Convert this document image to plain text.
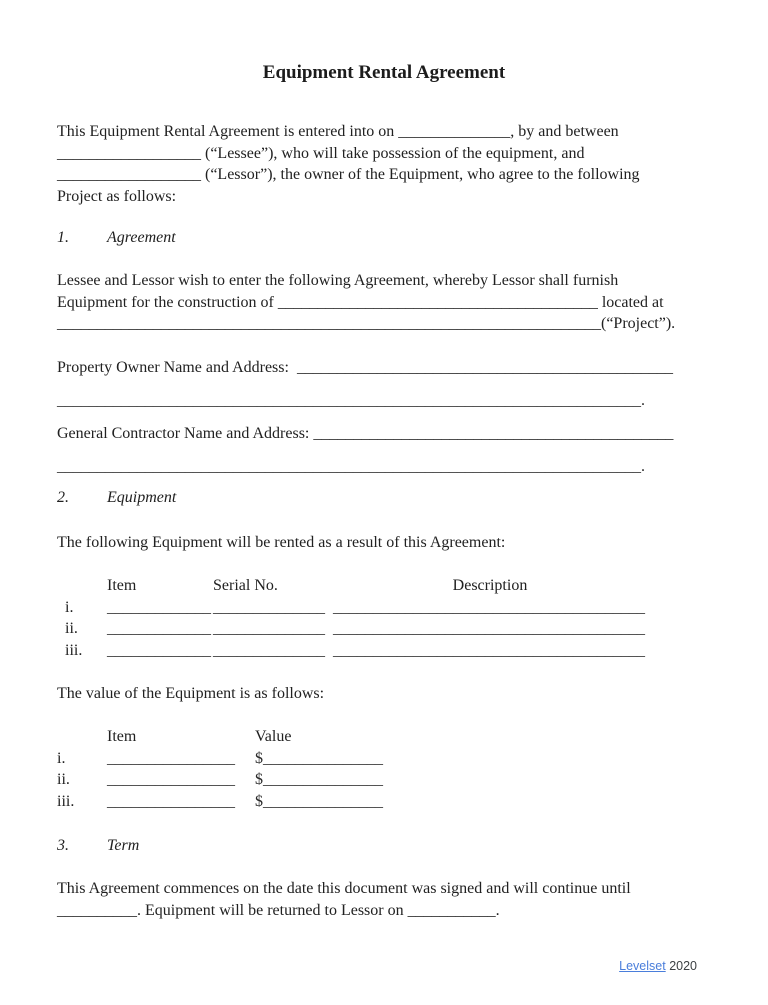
Equipment Rental Agreement
This Equipment Rental Agreement is entered into on ______________, by and between
__________________ (“Lessee”), who will take possession of the equipment, and
__________________ (“Lessor”), the owner of the Equipment, who agree to the following
Project as follows:
1. Agreement
Lessee and Lessor wish to enter the following Agreement, whereby Lessor shall furnish
Equipment for the construction of ________________________________________ located at
____________________________________________________________________(“Project”).
Property Owner Name and Address:  _______________________________________________
_________________________________________________________________________.
General Contractor Name and Address: _____________________________________________
_________________________________________________________________________.
2. Equipment
The following Equipment will be rented as a result of this Agreement:
Item	Serial No.	Description
i.	_____________ ______________ _______________________________________
ii.	_____________ ______________ _______________________________________
iii.	_____________ ______________ _______________________________________
The value of the Equipment is as follows:
Item	Value
i.	________________	$_______________
ii.	________________	$_______________
iii.	________________	$_______________
3. Term
This Agreement commences on the date this document was signed and will continue until
__________. Equipment will be returned to Lessor on ___________.
Levelset 2020
